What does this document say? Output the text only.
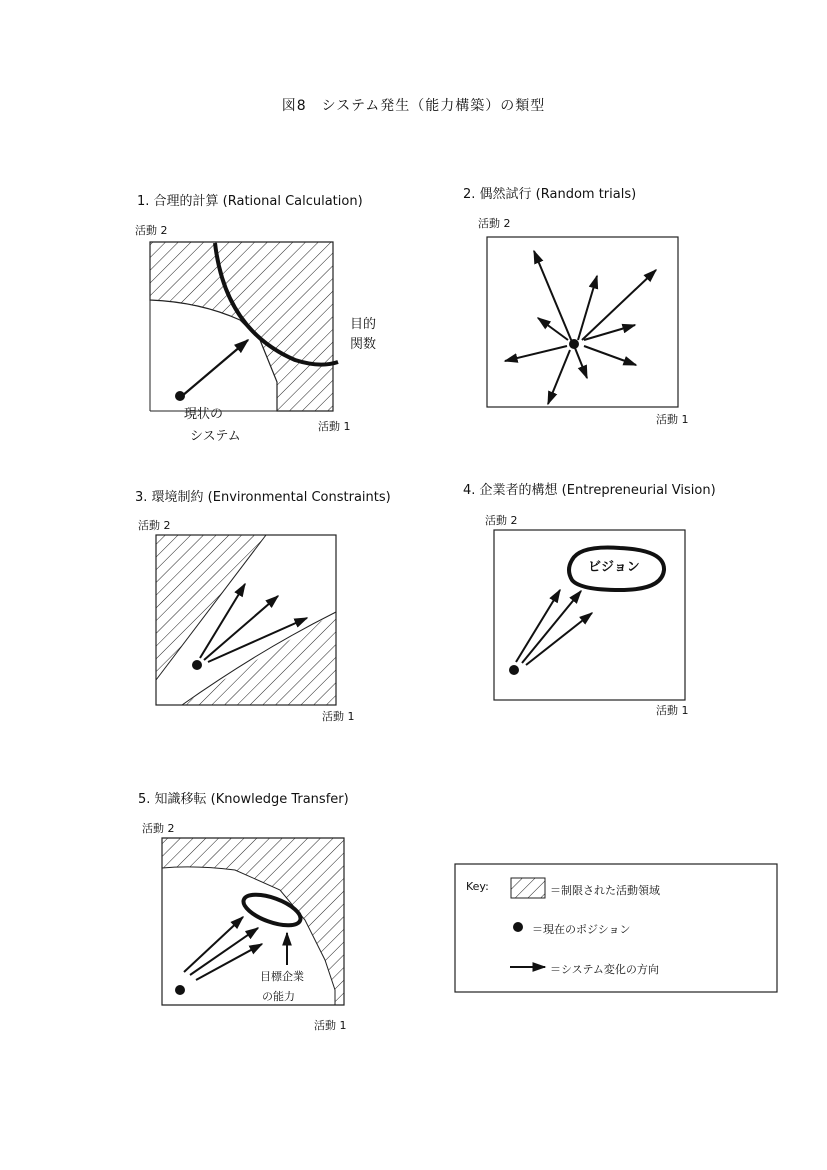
図8　システム発生（能力構築）の類型
1. 合理的計算 (Rational Calculation)
活動 2
活動 1
目的
関数
現状の
システム
2. 偶然試行 (Random trials)
活動 2
活動 1
3. 環境制約 (Environmental Constraints)
活動 2
活動 1
4. 企業者的構想 (Entrepreneurial Vision)
活動 2
活動 1
ビジョン
5. 知識移転 (Knowledge Transfer)
活動 2
活動 1
目標企業
の能力
Key:	＝制限された活動領域
＝現在のポジション
＝システム変化の方向
